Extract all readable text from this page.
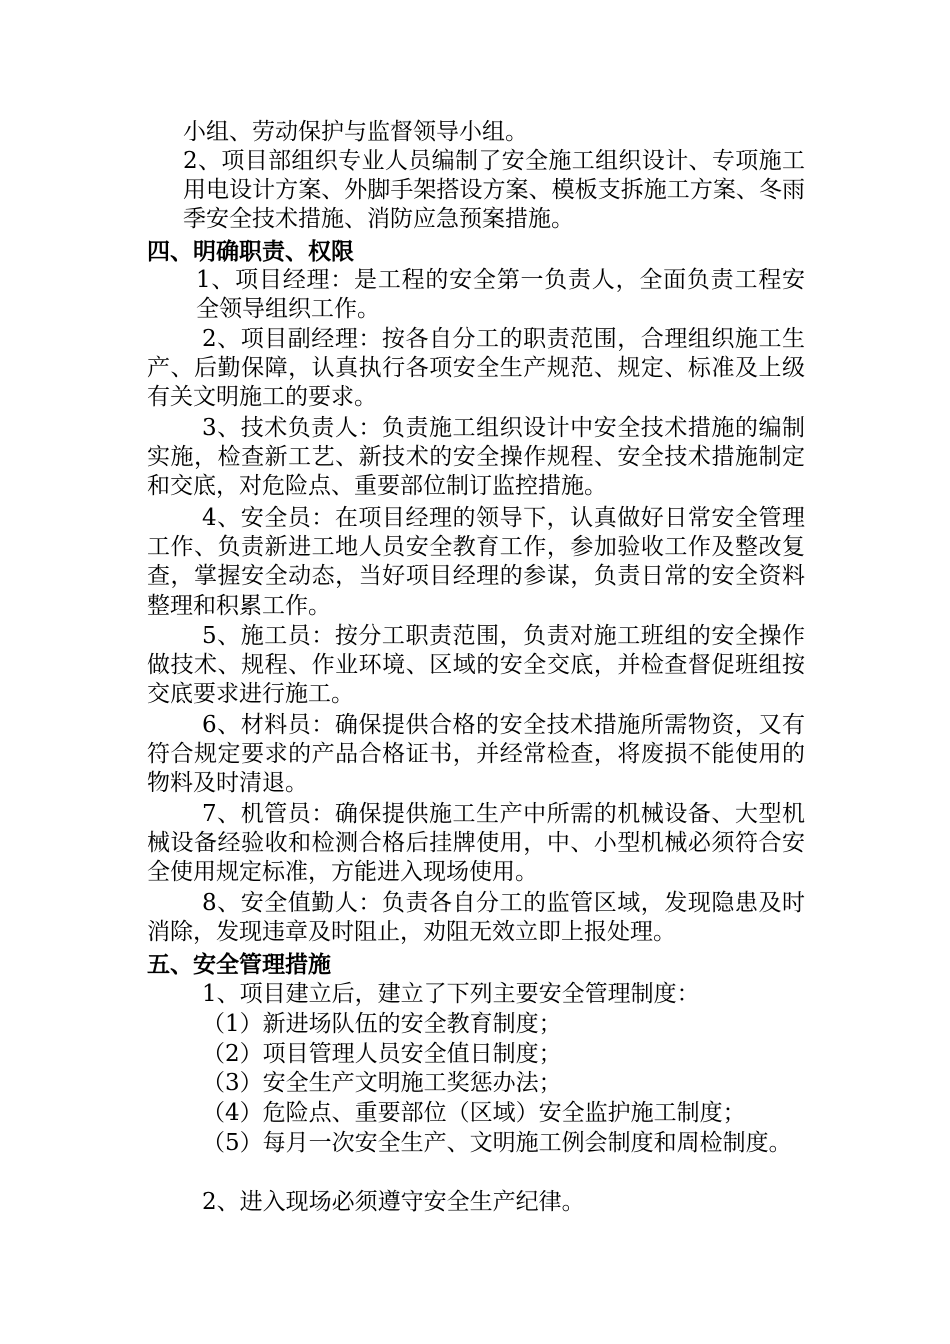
小组、劳动保护与监督领导小组。

2、项目部组织专业人员编制了安全施工组织设计、专项施工用电设计方案、外脚手架搭设方案、模板支拆施工方案、冬雨季安全技术措施、消防应急预案措施。

四、明确职责、权限

1、项目经理：是工程的安全第一负责人，全面负责工程安全领导组织工作。

2、项目副经理：按各自分工的职责范围，合理组织施工生产、后勤保障，认真执行各项安全生产规范、规定、标准及上级有关文明施工的要求。

3、技术负责人：负责施工组织设计中安全技术措施的编制实施，检查新工艺、新技术的安全操作规程、安全技术措施制定和交底，对危险点、重要部位制订监控措施。

4、安全员：在项目经理的领导下，认真做好日常安全管理工作、负责新进工地人员安全教育工作，参加验收工作及整改复查，掌握安全动态，当好项目经理的参谋，负责日常的安全资料整理和积累工作。

5、施工员：按分工职责范围，负责对施工班组的安全操作做技术、规程、作业环境、区域的安全交底，并检查督促班组按交底要求进行施工。

6、材料员：确保提供合格的安全技术措施所需物资，又有符合规定要求的产品合格证书，并经常检查，将废损不能使用的物料及时清退。

7、机管员：确保提供施工生产中所需的机械设备、大型机械设备经验收和检测合格后挂牌使用，中、小型机械必须符合安全使用规定标准，方能进入现场使用。

8、安全值勤人：负责各自分工的监管区域，发现隐患及时消除，发现违章及时阻止，劝阻无效立即上报处理。

五、安全管理措施

1、项目建立后，建立了下列主要安全管理制度：

（1）新进场队伍的安全教育制度；

（2）项目管理人员安全值日制度；

（3）安全生产文明施工奖惩办法；

（4）危险点、重要部位（区域）安全监护施工制度；

（5）每月一次安全生产、文明施工例会制度和周检制度。

2、进入现场必须遵守安全生产纪律。
